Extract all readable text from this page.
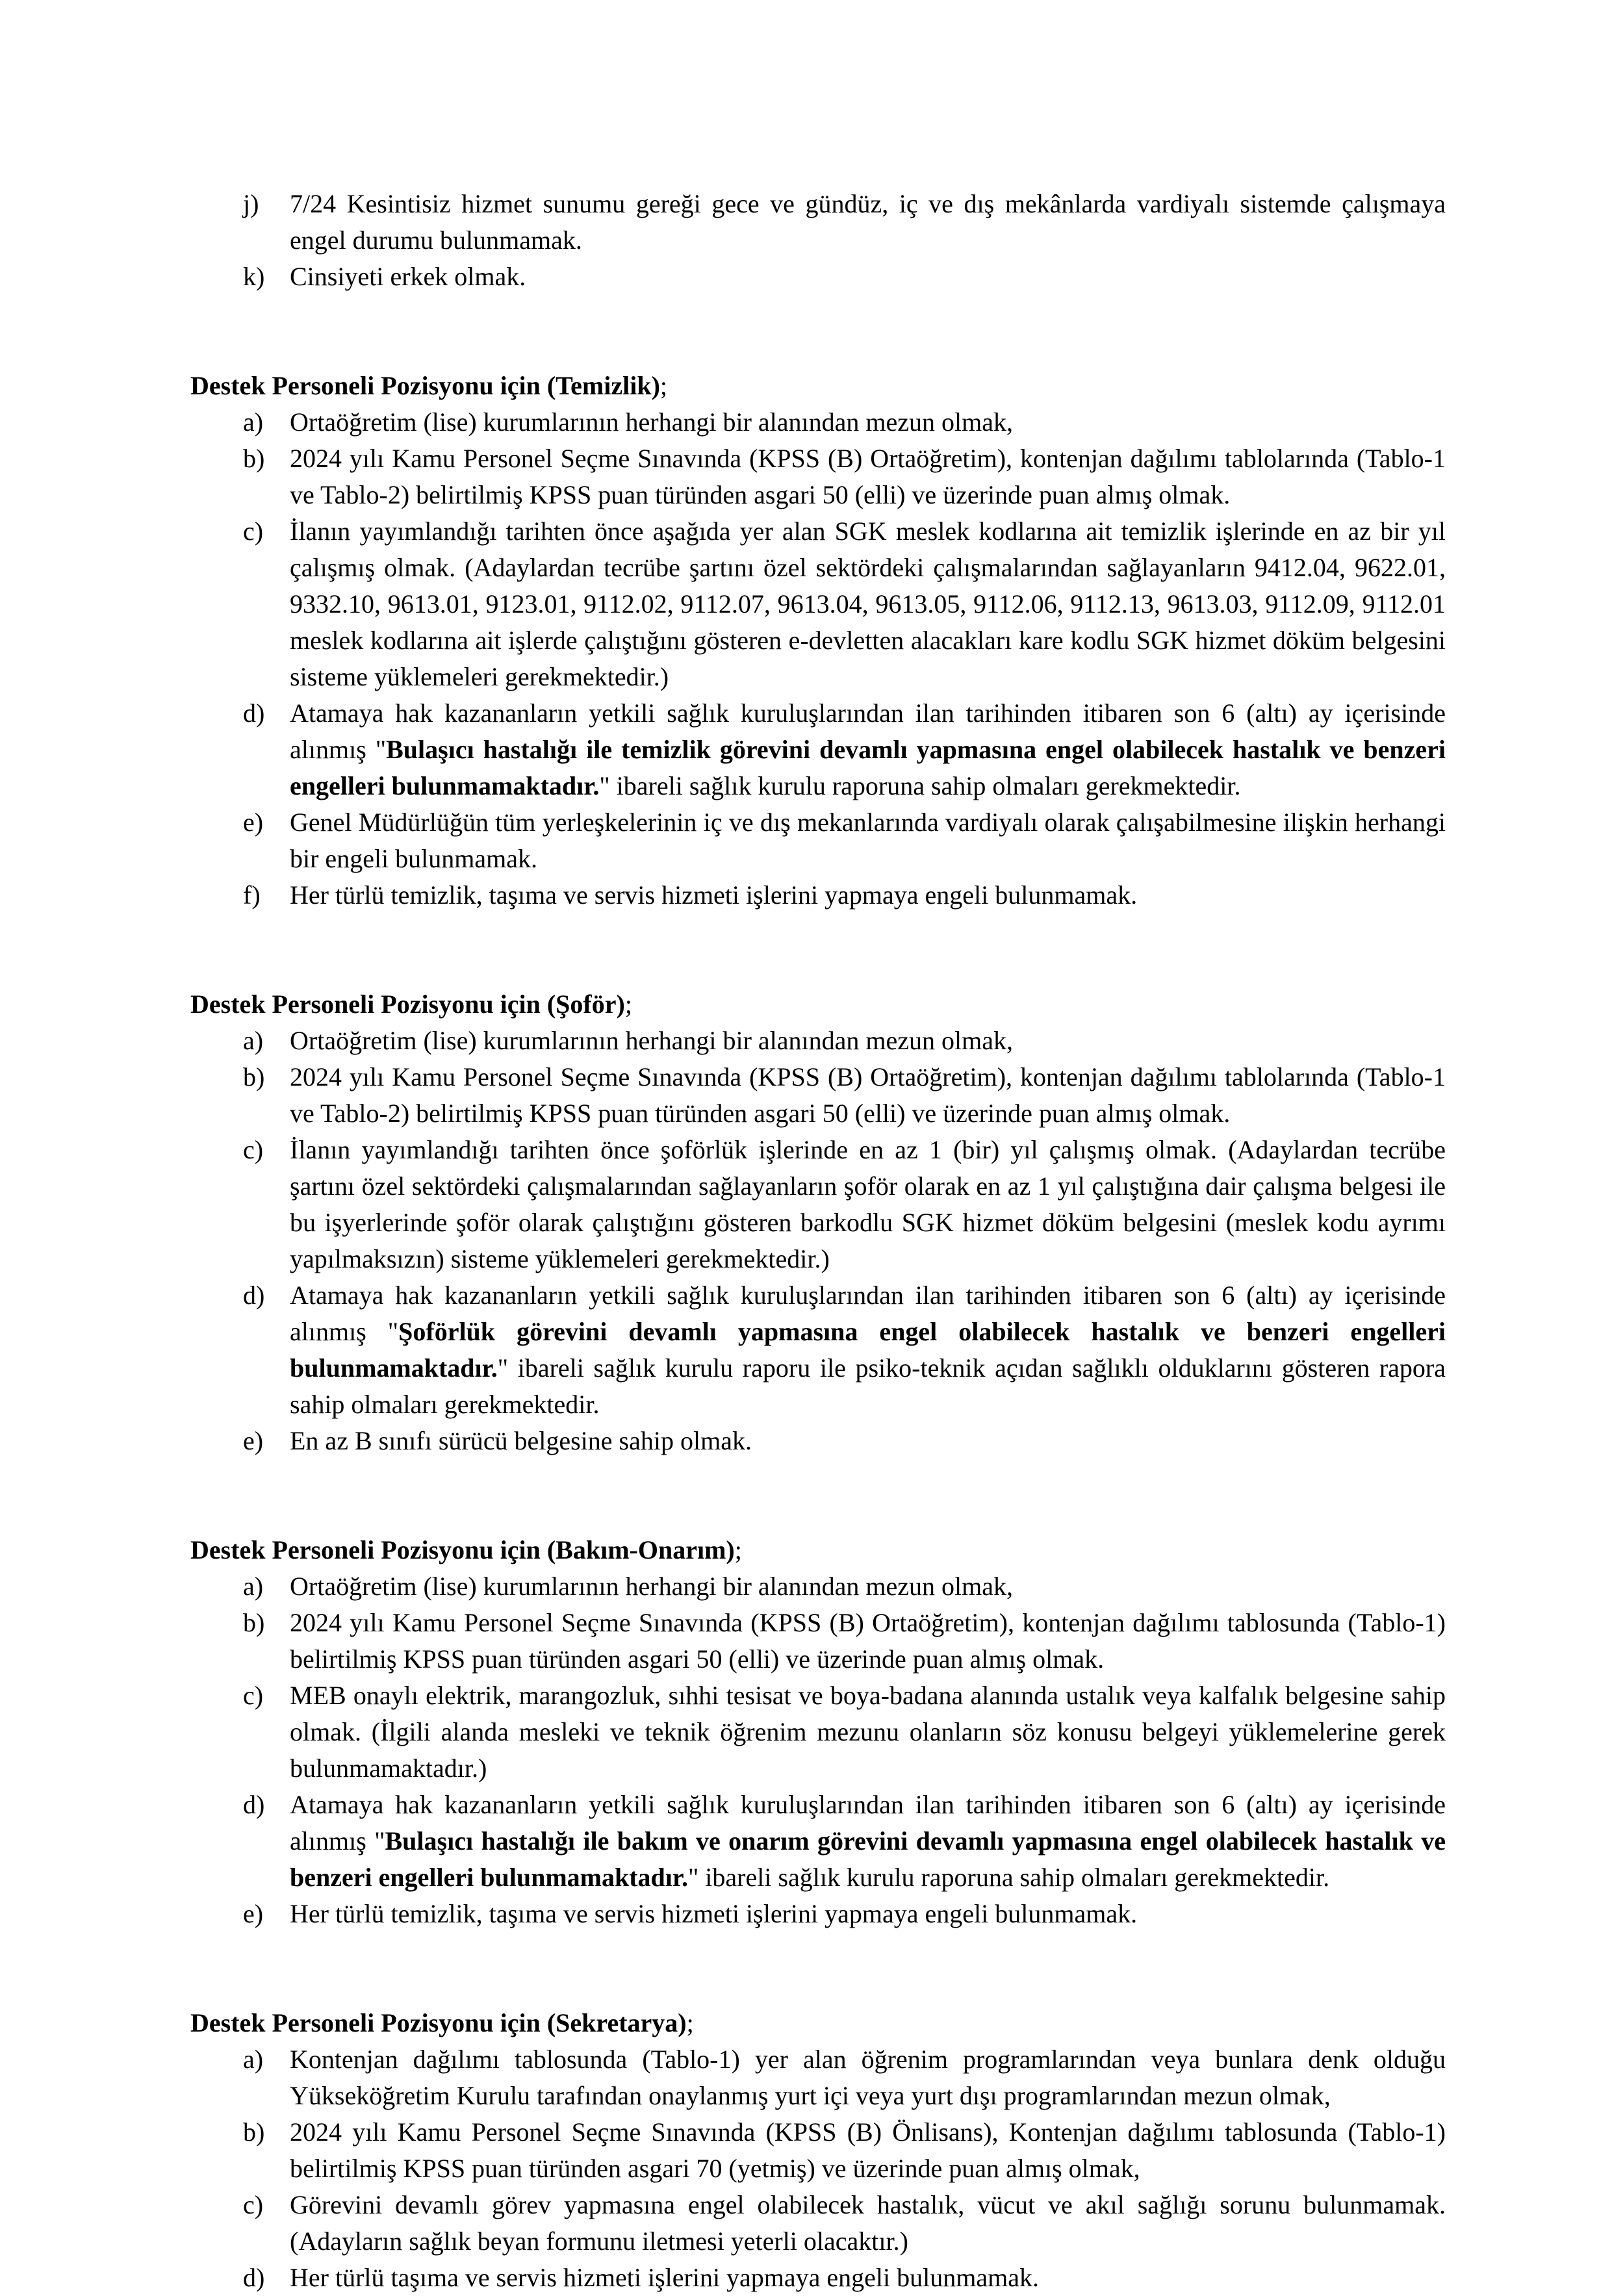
j)	7/24 Kesintisiz hizmet sunumu gereği gece ve gündüz, iç ve dış mekânlarda vardiyalı sistemde çalışmaya engel durumu bulunmamak.
k) Cinsiyeti erkek olmak.
Destek Personeli Pozisyonu için (Temizlik);
a)	Ortaöğretim (lise) kurumlarının herhangi bir alanından mezun olmak,
b) 2024 yılı Kamu Personel Seçme Sınavında (KPSS (B) Ortaöğretim), kontenjan dağılımı tablolarında (Tablo-1 ve Tablo-2) belirtilmiş KPSS puan türünden asgari 50 (elli) ve üzerinde puan almış olmak.
c)	İlanın yayımlandığı tarihten önce aşağıda yer alan SGK meslek kodlarına ait temizlik işlerinde en az bir yıl çalışmış olmak. (Adaylardan tecrübe şartını özel sektördeki çalışmalarından sağlayanların 9412.04, 9622.01, 9332.10, 9613.01, 9123.01, 9112.02, 9112.07, 9613.04, 9613.05, 9112.06, 9112.13, 9613.03, 9112.09, 9112.01 meslek kodlarına ait işlerde çalıştığını gösteren e-devletten alacakları kare kodlu SGK hizmet döküm belgesini sisteme yüklemeleri gerekmektedir.)
d) Atamaya hak kazananların yetkili sağlık kuruluşlarından ilan tarihinden itibaren son 6 (altı) ay içerisinde alınmış "Bulaşıcı hastalığı ile temizlik görevini devamlı yapmasına engel olabilecek hastalık ve benzeri engelleri bulunmamaktadır." ibareli sağlık kurulu raporuna sahip olmaları gerekmektedir.
e)	Genel Müdürlüğün tüm yerleşkelerinin iç ve dış mekanlarında vardiyalı olarak çalışabilmesine ilişkin herhangi bir engeli bulunmamak.
f)	Her türlü temizlik, taşıma ve servis hizmeti işlerini yapmaya engeli bulunmamak.
Destek Personeli Pozisyonu için (Şoför);
a)	Ortaöğretim (lise) kurumlarının herhangi bir alanından mezun olmak,
b) 2024 yılı Kamu Personel Seçme Sınavında (KPSS (B) Ortaöğretim), kontenjan dağılımı tablolarında (Tablo-1 ve Tablo-2) belirtilmiş KPSS puan türünden asgari 50 (elli) ve üzerinde puan almış olmak.
c)	İlanın yayımlandığı tarihten önce şoförlük işlerinde en az 1 (bir) yıl çalışmış olmak. (Adaylardan tecrübe şartını özel sektördeki çalışmalarından sağlayanların şoför olarak en az 1 yıl çalıştığına dair çalışma belgesi ile bu işyerlerinde şoför olarak çalıştığını gösteren barkodlu SGK hizmet döküm belgesini (meslek kodu ayrımı yapılmaksızın) sisteme yüklemeleri gerekmektedir.)
d) Atamaya hak kazananların yetkili sağlık kuruluşlarından ilan tarihinden itibaren son 6 (altı) ay içerisinde alınmış "Şoförlük görevini devamlı yapmasına engel olabilecek hastalık ve benzeri engelleri bulunmamaktadır." ibareli sağlık kurulu raporu ile psiko-teknik açıdan sağlıklı olduklarını gösteren rapora sahip olmaları gerekmektedir.
e)	En az B sınıfı sürücü belgesine sahip olmak.
Destek Personeli Pozisyonu için (Bakım-Onarım);
a)	Ortaöğretim (lise) kurumlarının herhangi bir alanından mezun olmak,
b) 2024 yılı Kamu Personel Seçme Sınavında (KPSS (B) Ortaöğretim), kontenjan dağılımı tablosunda (Tablo-1) belirtilmiş KPSS puan türünden asgari 50 (elli) ve üzerinde puan almış olmak.
c)	MEB onaylı elektrik, marangozluk, sıhhi tesisat ve boya-badana alanında ustalık veya kalfalık belgesine sahip olmak. (İlgili alanda mesleki ve teknik öğrenim mezunu olanların söz konusu belgeyi yüklemelerine gerek bulunmamaktadır.)
d) Atamaya hak kazananların yetkili sağlık kuruluşlarından ilan tarihinden itibaren son 6 (altı) ay içerisinde alınmış "Bulaşıcı hastalığı ile bakım ve onarım görevini devamlı yapmasına engel olabilecek hastalık ve benzeri engelleri bulunmamaktadır." ibareli sağlık kurulu raporuna sahip olmaları gerekmektedir.
e)	Her türlü temizlik, taşıma ve servis hizmeti işlerini yapmaya engeli bulunmamak.
Destek Personeli Pozisyonu için (Sekretarya);
a)	Kontenjan dağılımı tablosunda (Tablo-1) yer alan öğrenim programlarından veya bunlara denk olduğu Yükseköğretim Kurulu tarafından onaylanmış yurt içi veya yurt dışı programlarından mezun olmak,
b) 2024 yılı Kamu Personel Seçme Sınavında (KPSS (B) Önlisans), Kontenjan dağılımı tablosunda (Tablo-1) belirtilmiş KPSS puan türünden asgari 70 (yetmiş) ve üzerinde puan almış olmak,
c)	Görevini devamlı görev yapmasına engel olabilecek hastalık, vücut ve akıl sağlığı sorunu bulunmamak. (Adayların sağlık beyan formunu iletmesi yeterli olacaktır.)
d) Her türlü taşıma ve servis hizmeti işlerini yapmaya engeli bulunmamak.
